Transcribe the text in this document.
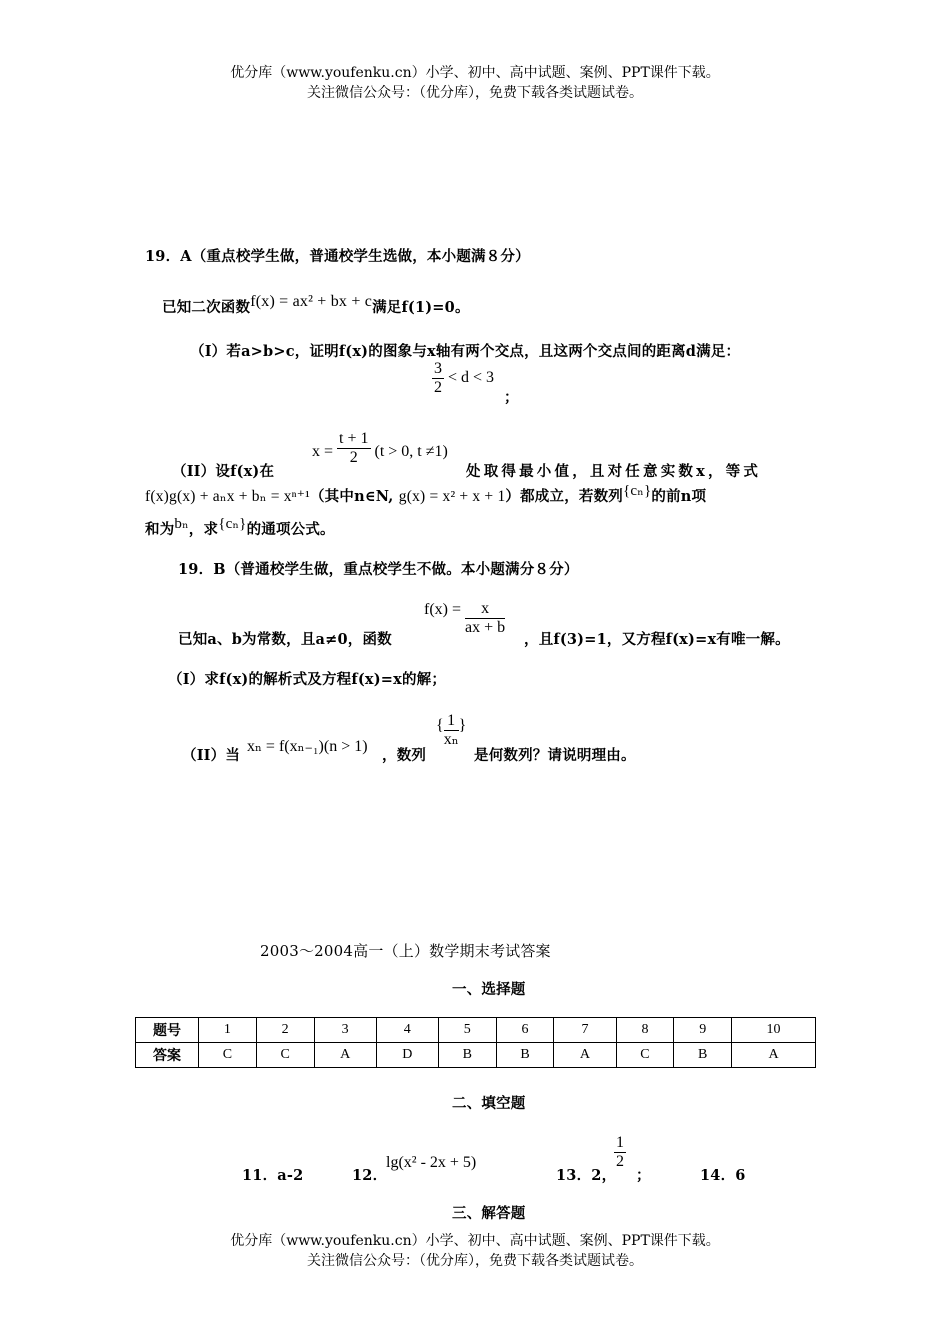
优分库（www.youfenku.cn）小学、初中、高中试题、案例、PPT课件下载。
关注微信公众号：（优分库），免费下载各类试题试卷。
19．A（重点校学生做，普通校学生选做，本小题满８分）
已知二次函数f(x) = ax² + bx + c满足f(1)=0。
（I）若a>b>c，证明f(x)的图象与x轴有两个交点，且这两个交点间的距离d满足：
$\frac{3}{2} < d < 3$ ；
（II）设f(x)在
$x = \frac{t + 1}{2} (t > 0$, t ≠1)
处取得最小值，且对任意实数x，等式
f(x)g(x) + aₙx + bₙ = xⁿ⁺¹（其中n∈N, g(x) = x² + x + 1）都成立，若数列{cₙ}的前n项
和为bₙ，求{cₙ}的通项公式。
19．B（普通校学生做，重点校学生不做。本小题满分８分）
$f(x) = \frac{x}{ax + b}$
已知a、b为常数，且a≠0，函数	，且f(3)=1，又方程f(x)=x有唯一解。
（I）求f(x)的解析式及方程f(x)=x的解；
（II）当
xₙ = f(xₙ₋₁)(n > 1)
，数列
{ $\frac{1}{\text{xₙ}}$ }
是何数列？请说明理由。
2003～2004高一（上）数学期末考试答案
一、选择题
题号	1	2	3	4	5	6	7	8	9	10
答案	C	C	A	D	B	B	A	C	B	A
二、填空题
11．a-2	12．
lg(x² - 2x + 5)
13．2，
$\frac{1}{2}$
；	14．6
三、解答题
优分库（www.youfenku.cn）小学、初中、高中试题、案例、PPT课件下载。
关注微信公众号：（优分库），免费下载各类试题试卷。
